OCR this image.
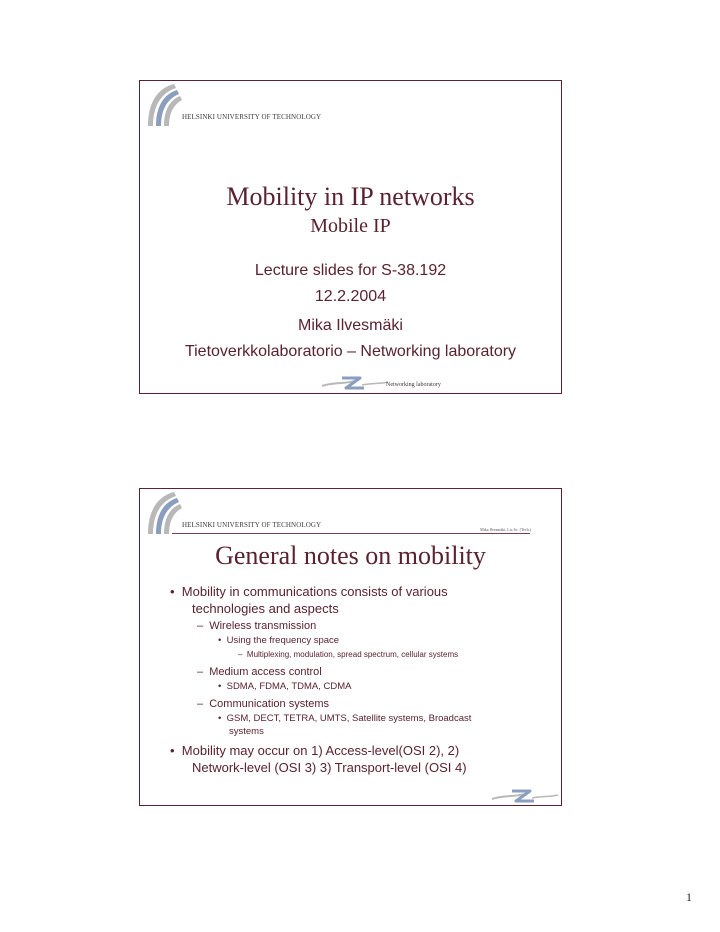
HELSINKI UNIVERSITY OF TECHNOLOGY
Mobility in IP networks
Mobile IP
Lecture slides for S-38.192
12.2.2004
Mika Ilvesmäki
Tietoverkkolaboratorio – Networking laboratory
Networking laboratory
HELSINKI UNIVERSITY OF TECHNOLOGY
Mika Ilvesmäki, Lic.Sc. (Tech.)
General notes on mobility
•  Mobility in communications consists of various
technologies and aspects
–  Wireless transmission
•  Using the frequency space
–  Multiplexing, modulation, spread spectrum, cellular systems
–  Medium access control
•  SDMA, FDMA, TDMA, CDMA
–  Communication systems
•  GSM, DECT, TETRA, UMTS, Satellite systems, Broadcast
systems
•  Mobility may occur on 1) Access-level(OSI 2), 2)
Network-level (OSI 3) 3) Transport-level (OSI 4)
1
